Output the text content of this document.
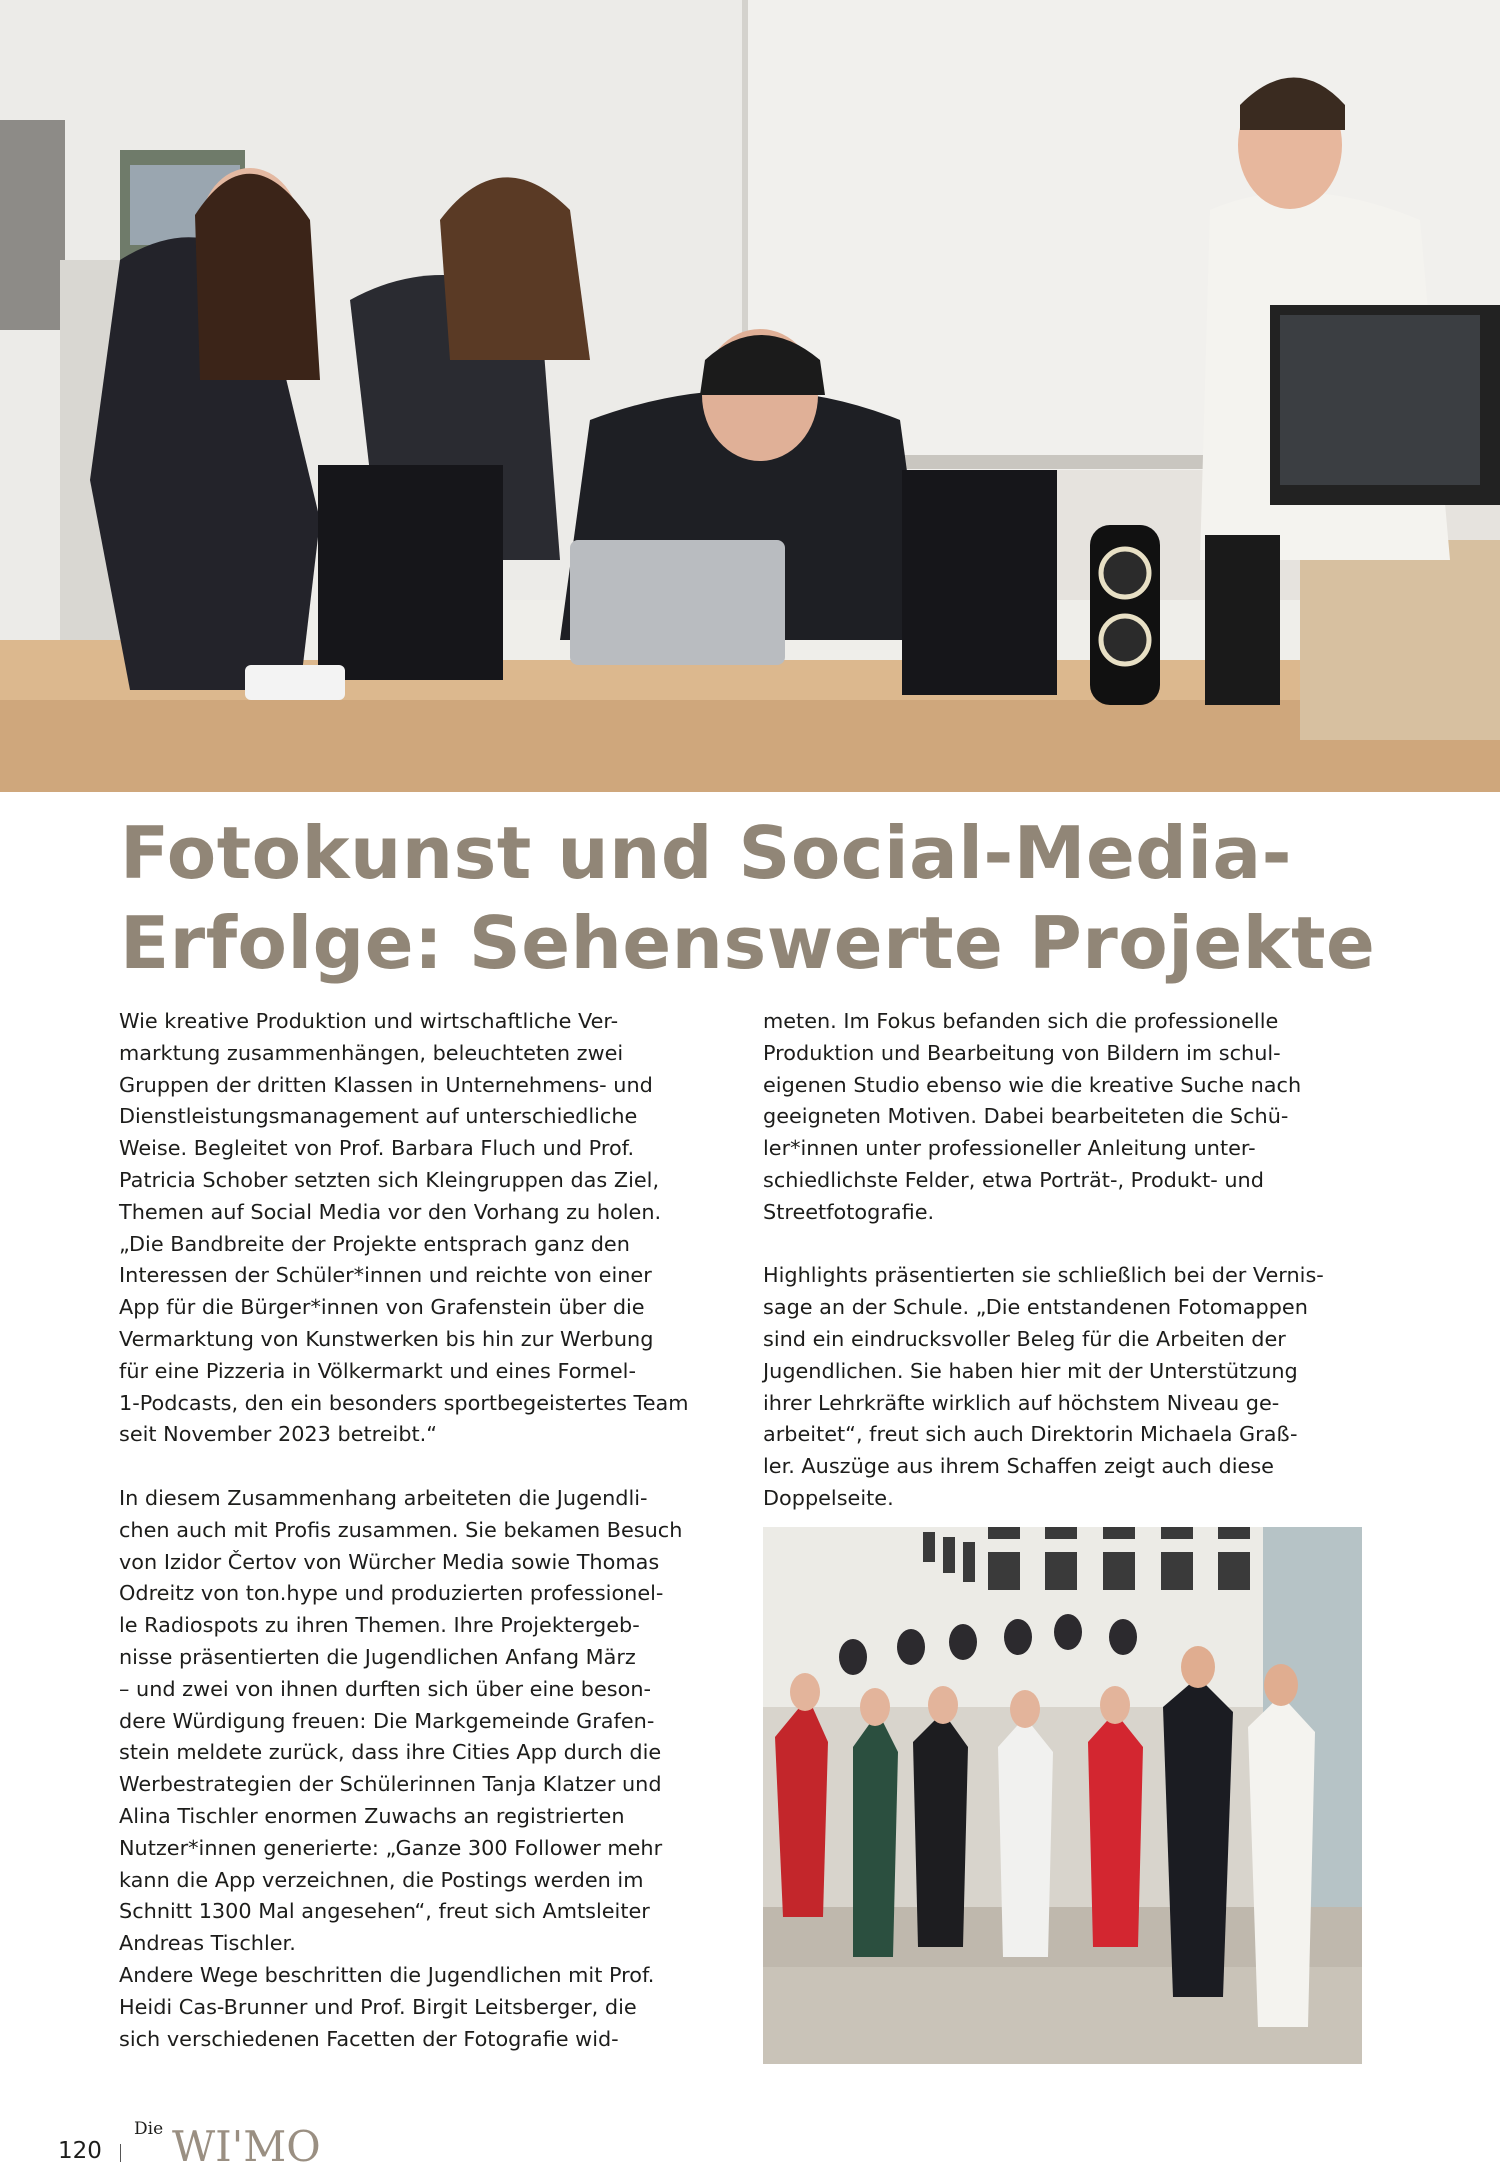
Fotokunst und Social-Media-
Erfolge: Sehenswerte Projekte

Wie kreative Produktion und wirtschaftliche Ver-
marktung zusammenhängen, beleuchteten zwei
Gruppen der dritten Klassen in Unternehmens- und
Dienstleistungsmanagement auf unterschiedliche
Weise. Begleitet von Prof. Barbara Fluch und Prof.
Patricia Schober setzten sich Kleingruppen das Ziel,
Themen auf Social Media vor den Vorhang zu holen.
„Die Bandbreite der Projekte entsprach ganz den
Interessen der Schüler*innen und reichte von einer
App für die Bürger*innen von Grafenstein über die
Vermarktung von Kunstwerken bis hin zur Werbung
für eine Pizzeria in Völkermarkt und eines Formel-
1-Podcasts, den ein besonders sportbegeistertes Team
seit November 2023 betreibt.“

In diesem Zusammenhang arbeiteten die Jugendli-
chen auch mit Profis zusammen. Sie bekamen Besuch
von Izidor Čertov von Würcher Media sowie Thomas
Odreitz von ton.hype und produzierten professionel-
le Radiospots zu ihren Themen. Ihre Projektergeb-
nisse präsentierten die Jugendlichen Anfang März
– und zwei von ihnen durften sich über eine beson-
dere Würdigung freuen: Die Markgemeinde Grafen-
stein meldete zurück, dass ihre Cities App durch die
Werbestrategien der Schülerinnen Tanja Klatzer und
Alina Tischler enormen Zuwachs an registrierten
Nutzer*innen generierte: „Ganze 300 Follower mehr
kann die App verzeichnen, die Postings werden im
Schnitt 1300 Mal angesehen“, freut sich Amtsleiter
Andreas Tischler.

Andere Wege beschritten die Jugendlichen mit Prof.
Heidi Cas-Brunner und Prof. Birgit Leitsberger, die
sich verschiedenen Facetten der Fotografie wid-

meten. Im Fokus befanden sich die professionelle
Produktion und Bearbeitung von Bildern im schul-
eigenen Studio ebenso wie die kreative Suche nach
geeigneten Motiven. Dabei bearbeiteten die Schü-
ler*innen unter professioneller Anleitung unter-
schiedlichste Felder, etwa Porträt-, Produkt- und
Streetfotografie.

Highlights präsentierten sie schließlich bei der Vernis-
sage an der Schule. „Die entstandenen Fotomappen
sind ein eindrucksvoller Beleg für die Arbeiten der
Jugendlichen. Sie haben hier mit der Unterstützung
ihrer Lehrkräfte wirklich auf höchstem Niveau ge-
arbeitet“, freut sich auch Direktorin Michaela Graß-
ler. Auszüge aus ihrem Schaffen zeigt auch diese
Doppelseite.

120
Die WI'MO
